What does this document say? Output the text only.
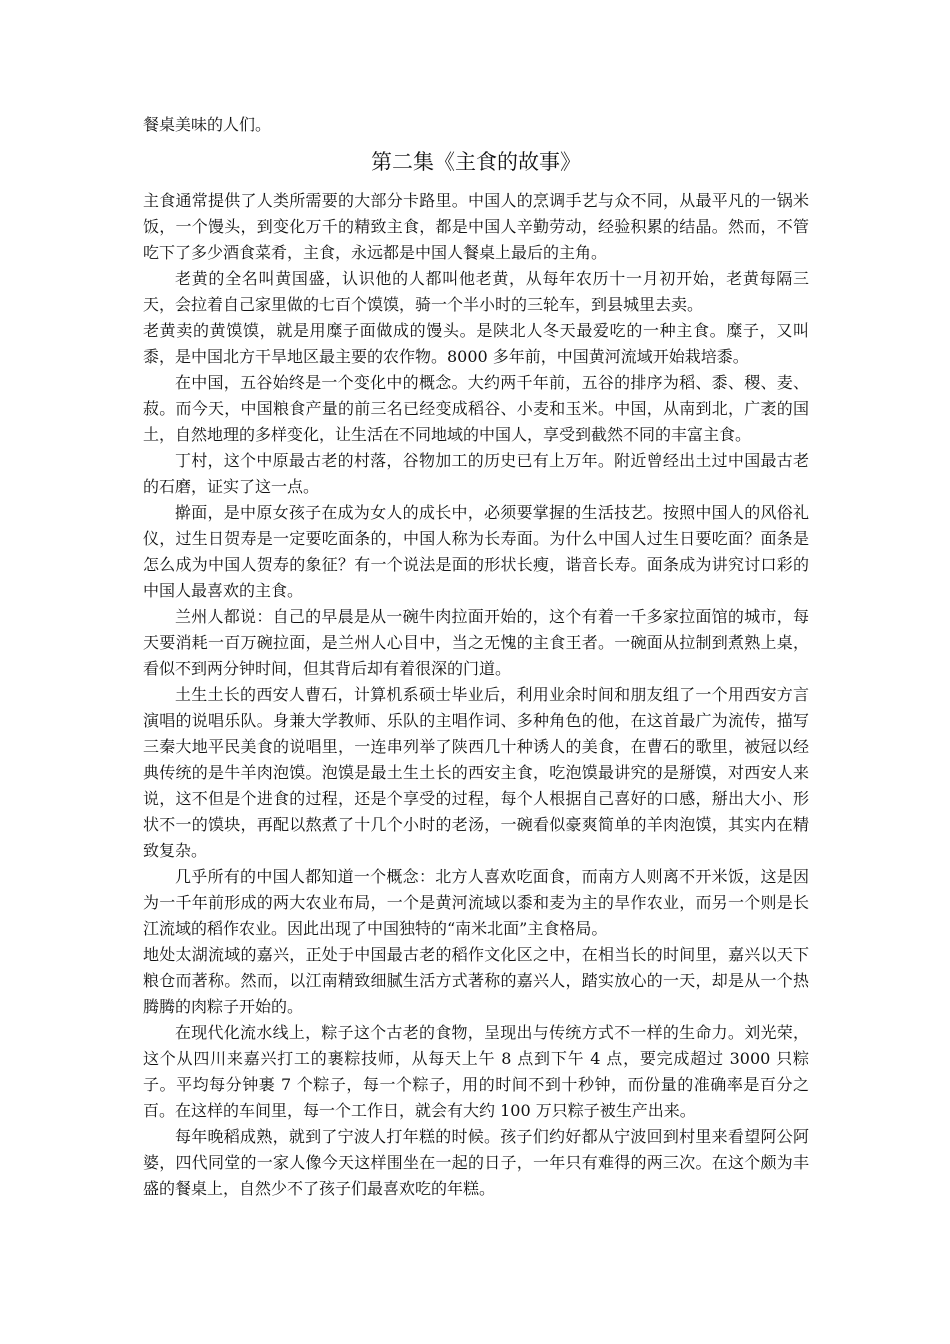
餐桌美味的人们。

第二集《主食的故事》

主食通常提供了人类所需要的大部分卡路里。中国人的烹调手艺与众不同，从最平凡的一锅米饭，一个馒头，到变化万千的精致主食，都是中国人辛勤劳动，经验积累的结晶。然而，不管吃下了多少酒食菜肴，主食，永远都是中国人餐桌上最后的主角。

老黄的全名叫黄国盛，认识他的人都叫他老黄，从每年农历十一月初开始，老黄每隔三天，会拉着自己家里做的七百个馍馍，骑一个半小时的三轮车，到县城里去卖。

老黄卖的黄馍馍，就是用糜子面做成的馒头。是陕北人冬天最爱吃的一种主食。糜子，又叫黍，是中国北方干旱地区最主要的农作物。8000 多年前，中国黄河流域开始栽培黍。

在中国，五谷始终是一个变化中的概念。大约两千年前，五谷的排序为稻、黍、稷、麦、菽。而今天，中国粮食产量的前三名已经变成稻谷、小麦和玉米。中国，从南到北，广袤的国土，自然地理的多样变化，让生活在不同地域的中国人，享受到截然不同的丰富主食。

丁村，这个中原最古老的村落，谷物加工的历史已有上万年。附近曾经出土过中国最古老的石磨，证实了这一点。

擀面，是中原女孩子在成为女人的成长中，必须要掌握的生活技艺。按照中国人的风俗礼仪，过生日贺寿是一定要吃面条的，中国人称为长寿面。为什么中国人过生日要吃面？面条是怎么成为中国人贺寿的象征？有一个说法是面的形状长瘦，谐音长寿。面条成为讲究讨口彩的中国人最喜欢的主食。

兰州人都说：自己的早晨是从一碗牛肉拉面开始的，这个有着一千多家拉面馆的城市，每天要消耗一百万碗拉面，是兰州人心目中，当之无愧的主食王者。一碗面从拉制到煮熟上桌，看似不到两分钟时间，但其背后却有着很深的门道。

土生土长的西安人曹石，计算机系硕士毕业后，利用业余时间和朋友组了一个用西安方言演唱的说唱乐队。身兼大学教师、乐队的主唱作词、多种角色的他，在这首最广为流传，描写三秦大地平民美食的说唱里，一连串列举了陕西几十种诱人的美食，在曹石的歌里，被冠以经典传统的是牛羊肉泡馍。泡馍是最土生土长的西安主食，吃泡馍最讲究的是掰馍，对西安人来说，这不但是个进食的过程，还是个享受的过程，每个人根据自己喜好的口感，掰出大小、形状不一的馍块，再配以熬煮了十几个小时的老汤，一碗看似豪爽简单的羊肉泡馍，其实内在精致复杂。

几乎所有的中国人都知道一个概念：北方人喜欢吃面食，而南方人则离不开米饭，这是因为一千年前形成的两大农业布局，一个是黄河流域以黍和麦为主的旱作农业，而另一个则是长江流域的稻作农业。因此出现了中国独特的“南米北面”主食格局。

地处太湖流域的嘉兴，正处于中国最古老的稻作文化区之中，在相当长的时间里，嘉兴以天下粮仓而著称。然而，以江南精致细腻生活方式著称的嘉兴人，踏实放心的一天，却是从一个热腾腾的肉粽子开始的。

在现代化流水线上，粽子这个古老的食物，呈现出与传统方式不一样的生命力。刘光荣，这个从四川来嘉兴打工的裹粽技师，从每天上午 8 点到下午 4 点，要完成超过 3000 只粽子。平均每分钟裹 7 个粽子，每一个粽子，用的时间不到十秒钟，而份量的准确率是百分之百。在这样的车间里，每一个工作日，就会有大约 100 万只粽子被生产出来。

每年晚稻成熟，就到了宁波人打年糕的时候。孩子们约好都从宁波回到村里来看望阿公阿婆，四代同堂的一家人像今天这样围坐在一起的日子，一年只有难得的两三次。在这个颇为丰盛的餐桌上，自然少不了孩子们最喜欢吃的年糕。
